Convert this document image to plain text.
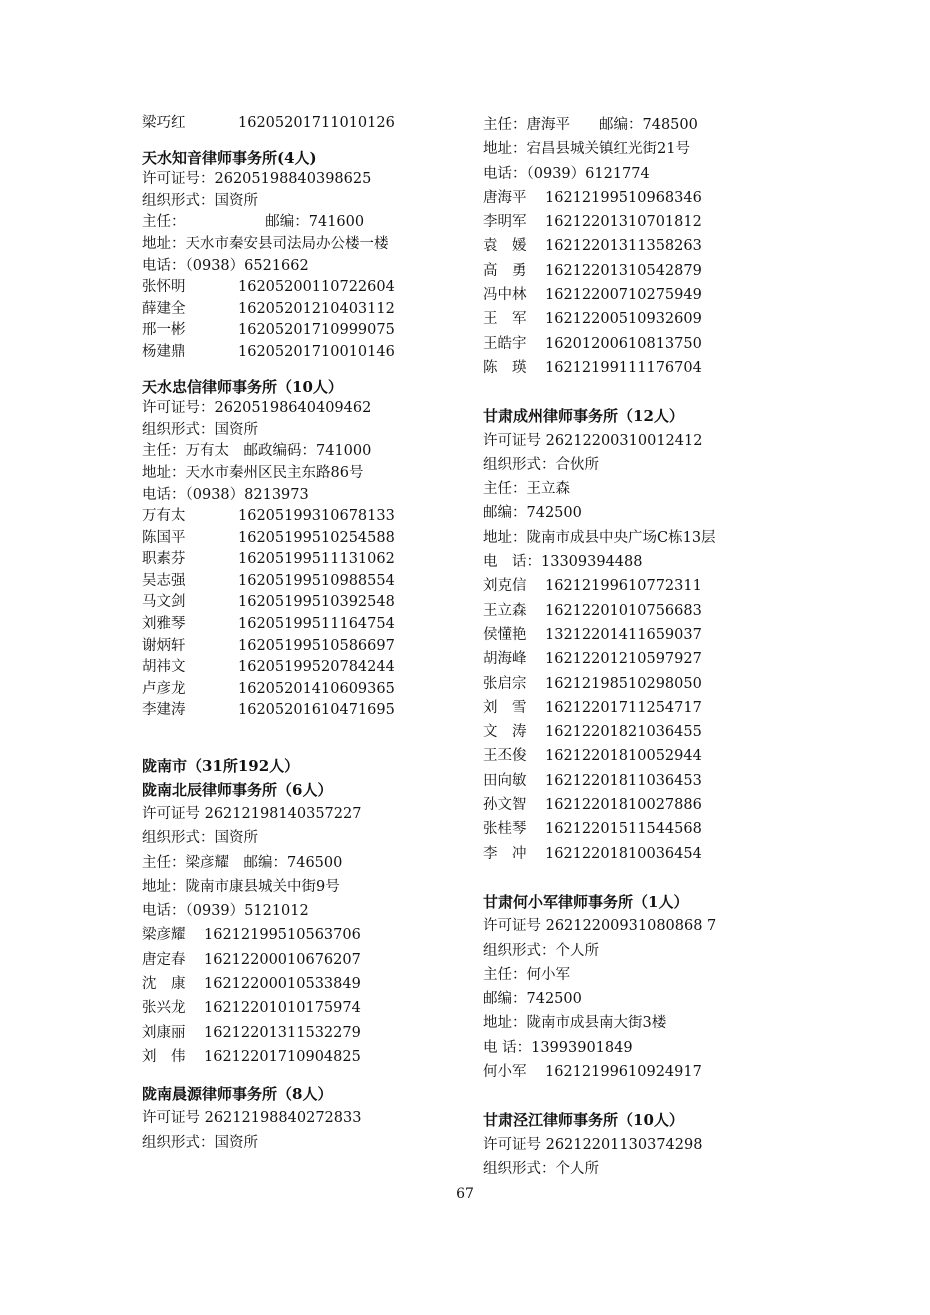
梁巧红	16205201711010126
天水知音律师事务所(4人)
许可证号：26205198840398625
组织形式：国资所
主任：　　　　　　邮编：741600
地址：天水市秦安县司法局办公楼一楼
电话：（0938）6521662
张怀明	16205200110722604
薛建全	16205201210403112
邢一彬	16205201710999075
杨建鼎	16205201710010146
天水忠信律师事务所（10人）
许可证号：26205198640409462
组织形式：国资所
主任：万有太　邮政编码：741000
地址：天水市秦州区民主东路86号
电话：（0938）8213973
万有太	16205199310678133
陈国平	16205199510254588
职素芬	16205199511131062
吴志强	16205199510988554
马文剑	16205199510392548
刘雅琴	16205199511164754
谢炳轩	16205199510586697
胡祎文	16205199520784244
卢彦龙	16205201410609365
李建涛	16205201610471695
陇南市（31所192人）
陇南北辰律师事务所（6人）
许可证号 26212198140357227
组织形式：国资所
主任：梁彦耀　邮编：746500
地址：陇南市康县城关中街9号
电话：（0939）5121012
梁彦耀 16212199510563706
唐定春 16212200010676207
沈　康 16212200010533849
张兴龙 16212201010175974
刘康丽 16212201311532279
刘　伟 16212201710904825
陇南晨源律师事务所（8人）
许可证号 26212198840272833
组织形式：国资所
主任：唐海平　　邮编：748500
地址：宕昌县城关镇红光街21号
电话：（0939）6121774
唐海平 16212199510968346
李明军 16212201310701812
袁　媛 16212201311358263
高　勇 16212201310542879
冯中林 16212200710275949
王　军 16212200510932609
王皓宇 16201200610813750
陈　瑛 16212199111176704
甘肃成州律师事务所（12人）
许可证号 26212200310012412
组织形式：合伙所
主任：王立森
邮编：742500
地址：陇南市成县中央广场C栋13层
电　话：13309394488
刘克信 16212199610772311
王立森 16212201010756683
侯懂艳 13212201411659037
胡海峰 16212201210597927
张启宗 16212198510298050
刘　雪 16212201711254717
文　涛 16212201821036455
王丕俊 16212201810052944
田向敏 16212201811036453
孙文智 16212201810027886
张桂琴 16212201511544568
李　冲 16212201810036454
甘肃何小军律师事务所（1人）
许可证号 26212200931080868 7
组织形式：个人所
主任：何小军
邮编：742500
地址：陇南市成县南大街3楼
电 话：13993901849
何小军 16212199610924917
甘肃泾江律师事务所（10人）
许可证号 26212201130374298
组织形式：个人所
67
